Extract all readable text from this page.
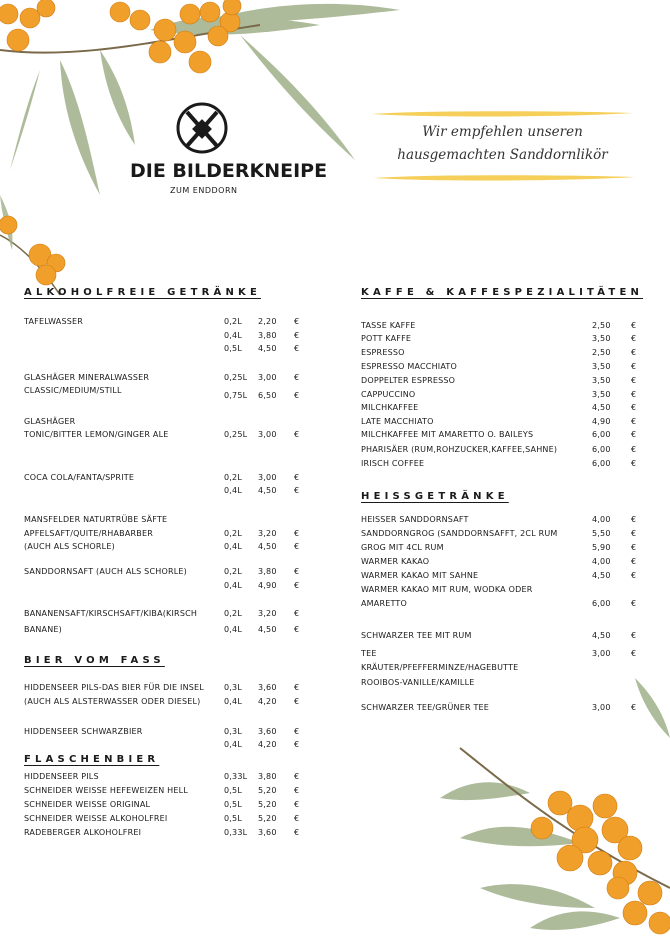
DIE BILDERKNEIPE
ZUM ENDDORN
Wir empfehlen unseren
hausgemachten Sanddornlikör
ALKOHOLFREIE GETRÄNKE
BIER VOM FASS
FLASCHENBIER
KAFFE & KAFFESPEZIALITÄTEN
HEISSGETRÄNKE
TAFELWASSER	0,2L 2,20 €
0,4L 3,80 €
0,5L 4,50 €
GLASHÄGER MINERALWASSER	0,25L 3,00 €
CLASSIC/MEDIUM/STILL
0,75L 6,50 €
GLASHÄGER
TONIC/BITTER LEMON/GINGER ALE	0,25L 3,00 €
COCA COLA/FANTA/SPRITE	0,2L 3,00 €
0,4L 4,50 €
MANSFELDER NATURTRÜBE SÄFTE
APFELSAFT/QUITE/RHABARBER	0,2L 3,20 €
(AUCH ALS SCHORLE)	0,4L 4,50 €
SANDDORNSAFT (AUCH ALS SCHORLE)	0,2L 3,80 €
0,4L 4,90 €
BANANENSAFT/KIRSCHSAFT/KIBA(KIRSCH	0,2L 3,20 €
BANANE)	0,4L 4,50 €
HIDDENSEER PILS-DAS BIER FÜR DIE INSEL	0,3L 3,60 €
(AUCH ALS ALSTERWASSER ODER DIESEL)	0,4L 4,20 €
HIDDENSEER SCHWARZBIER	0,3L 3,60 €
0,4L 4,20 €
HIDDENSEER PILS	0,33L 3,80 €
SCHNEIDER WEISSE HEFEWEIZEN HELL	0,5L 5,20 €
SCHNEIDER WEISSE ORIGINAL	0,5L 5,20 €
SCHNEIDER WEISSE ALKOHOLFREI	0,5L 5,20 €
RADEBERGER ALKOHOLFREI	0,33L 3,60 €
TASSE KAFFE	2,50	€
POTT KAFFE	3,50	€
ESPRESSO	2,50	€
ESPRESSO MACCHIATO	3,50	€
DOPPELTER ESPRESSO	3,50	€
CAPPUCCINO	3,50	€
MILCHKAFFEE	4,50	€
LATE MACCHIATO	4,90	€
MILCHKAFFEE MIT AMARETTO O. BAILEYS	6,00	€
PHARISÄER (RUM,ROHZUCKER,KAFFEE,SAHNE)	6,00	€
IRISCH COFFEE	6,00	€
HEISSER SANDDORNSAFT	4,00	€
SANDDORNGROG (SANDDORNSAFFT, 2CL RUM	5,50	€
GROG MIT 4CL RUM	5,90	€
WARMER KAKAO	4,00	€
WARMER KAKAO MIT SAHNE	4,50	€
WARMER KAKAO MIT RUM, WODKA ODER
AMARETTO	6,00	€
SCHWARZER TEE MIT RUM	4,50	€
TEE	3,00	€
KRÄUTER/PFEFFERMINZE/HAGEBUTTE
ROOIBOS-VANILLE/KAMILLE
SCHWARZER TEE/GRÜNER TEE	3,00	€
